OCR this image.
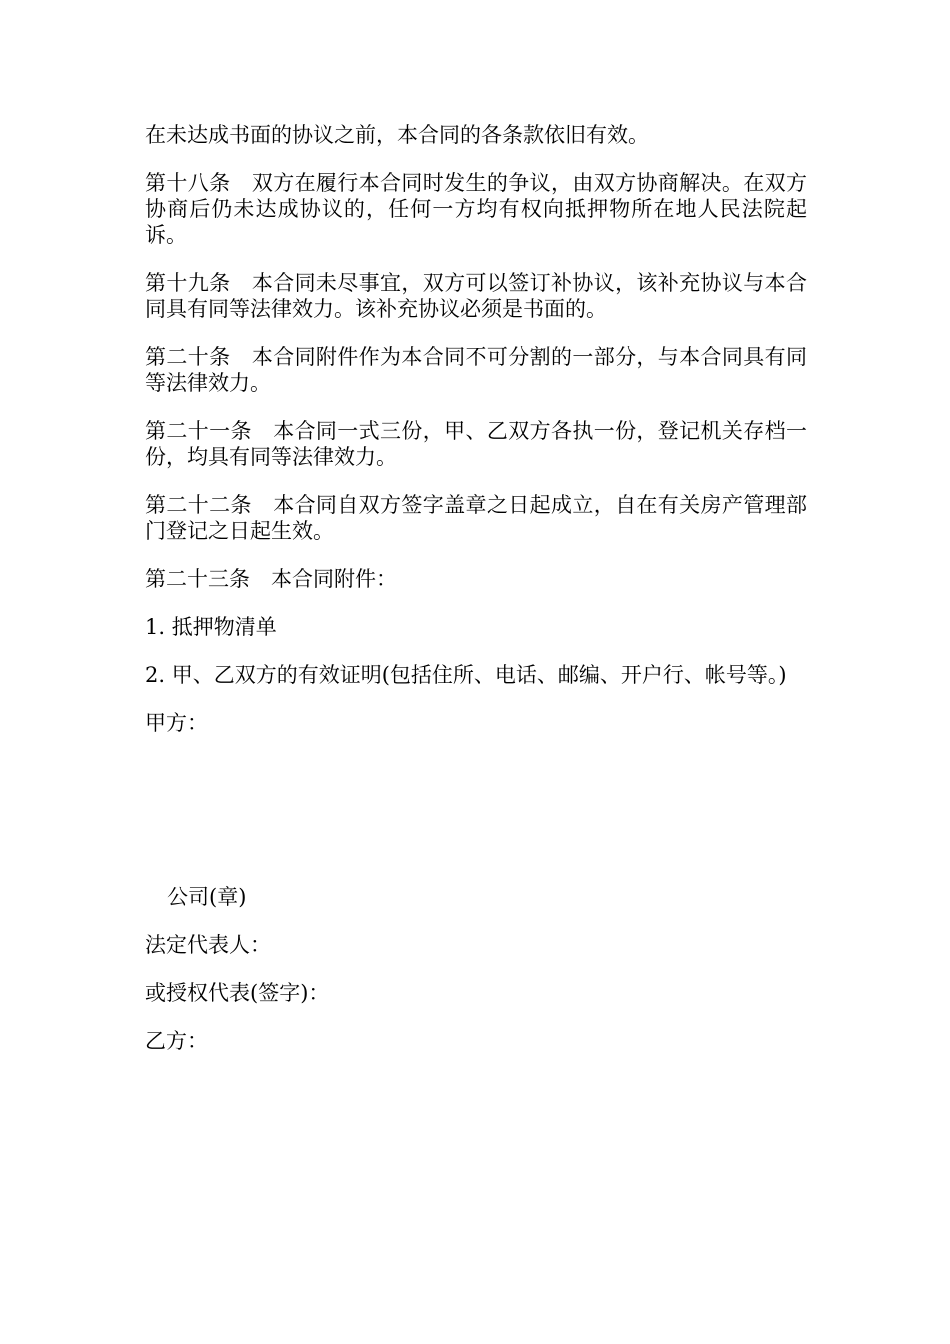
在未达成书面的协议之前，本合同的各条款依旧有效。

第十八条　双方在履行本合同时发生的争议，由双方协商解决。在双方协商后仍未达成协议的，任何一方均有权向抵押物所在地人民法院起诉。

第十九条　本合同未尽事宜，双方可以签订补协议，该补充协议与本合同具有同等法律效力。该补充协议必须是书面的。

第二十条　本合同附件作为本合同不可分割的一部分，与本合同具有同等法律效力。

第二十一条　本合同一式三份，甲、乙双方各执一份，登记机关存档一份，均具有同等法律效力。

第二十二条　本合同自双方签字盖章之日起成立，自在有关房产管理部门登记之日起生效。

第二十三条　本合同附件：

1. 抵押物清单

2. 甲、乙双方的有效证明(包括住所、电话、邮编、开户行、帐号等。)

甲方：

公司(章)

法定代表人：

或授权代表(签字)：

乙方：
